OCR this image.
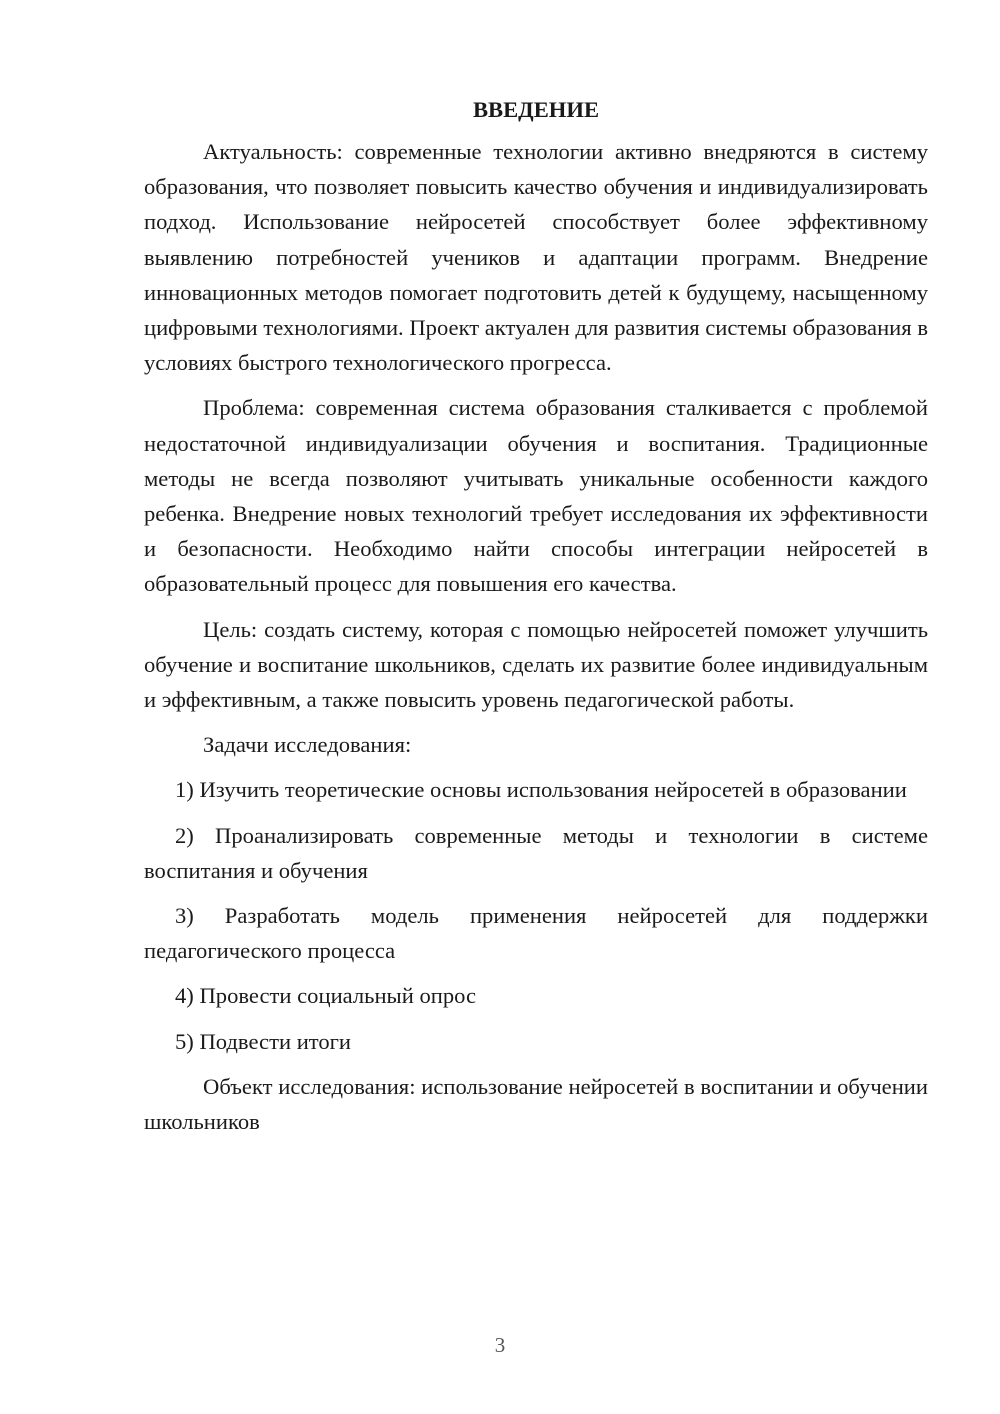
ВВЕДЕНИЕ

Актуальность: современные технологии активно внедряются в систему образования, что позволяет повысить качество обучения и индивидуализировать подход. Использование нейросетей способствует более эффективному выявлению потребностей учеников и адаптации программ. Внедрение инновационных методов помогает подготовить детей к будущему, насыщенному цифровыми технологиями. Проект актуален для развития системы образования в условиях быстрого технологического прогресса.

Проблема: современная система образования сталкивается с проблемой недостаточной индивидуализации обучения и воспитания. Традиционные методы не всегда позволяют учитывать уникальные особенности каждого ребенка. Внедрение новых технологий требует исследования их эффективности и безопасности. Необходимо найти способы интеграции нейросетей в образовательный процесс для повышения его качества.

Цель: создать систему, которая с помощью нейросетей поможет улучшить обучение и воспитание школьников, сделать их развитие более индивидуальным и эффективным, а также повысить уровень педагогической работы.

Задачи исследования:

1) Изучить теоретические основы использования нейросетей в образовании

2) Проанализировать современные методы и технологии в системе воспитания и обучения

3) Разработать модель применения нейросетей для поддержки педагогического процесса

4) Провести социальный опрос

5) Подвести итоги

Объект исследования: использование нейросетей в воспитании и обучении школьников

3
